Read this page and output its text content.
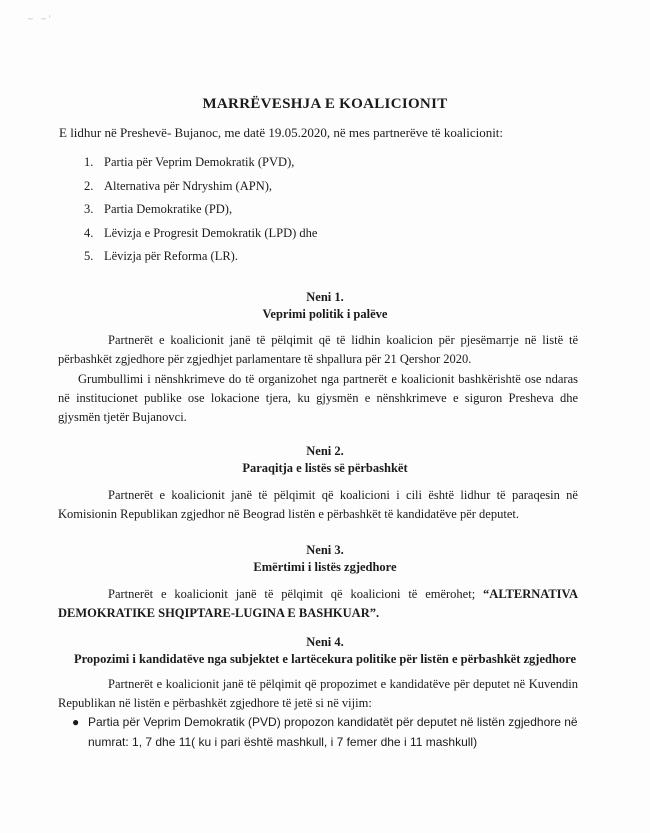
~ ~'
MARRËVESHJA E KOALICIONIT
E lidhur në Preshevë- Bujanoc, me datë 19.05.2020, në mes partnerëve të koalicionit:
1. Partia për Veprim Demokratik (PVD),
2. Alternativa për Ndryshim (APN),
3. Partia Demokratike (PD),
4. Lëvizja e Progresit Demokratik (LPD) dhe
5. Lëvizja për Reforma (LR).
Neni 1.
Veprimi politik i palëve
Partnerët e koalicionit janë të pëlqimit që të lidhin koalicion për pjesëmarrje në listë të përbashkët zgjedhore për zgjedhjet parlamentare të shpallura për 21 Qershor 2020.
Grumbullimi i nënshkrimeve do të organizohet nga partnerët e koalicionit bashkërishtë ose ndaras në institucionet publike ose lokacione tjera, ku gjysmën e nënshkrimeve e siguron Presheva dhe gjysmën tjetër Bujanovci.
Neni 2.
Paraqitja e listës së përbashkët
Partnerët e koalicionit janë të pëlqimit që koalicioni i cili është lidhur të paraqesin në Komisionin Republikan zgjedhor në Beograd listën e përbashkët të kandidatëve për deputet.
Neni 3.
Emërtimi i listës zgjedhore
Partnerët e koalicionit janë të pëlqimit që koalicioni të emërohet; “ALTERNATIVA DEMOKRATIKE SHQIPTARE-LUGINA E BASHKUAR”.
Neni 4.
Propozimi i kandidatëve nga subjektet e lartëcekura politike për listën e përbashkët zgjedhore
Partnerët e koalicionit janë të pëlqimit që propozimet e kandidatëve për deputet në Kuvendin Republikan në listën e përbashkët zgjedhore të jetë si në vijim:
● Partia për Veprim Demokratik (PVD) propozon kandidatët për deputet në listën zgjedhore në numrat: 1, 7 dhe 11( ku i pari është mashkull, i 7 femer dhe i 11 mashkull)
